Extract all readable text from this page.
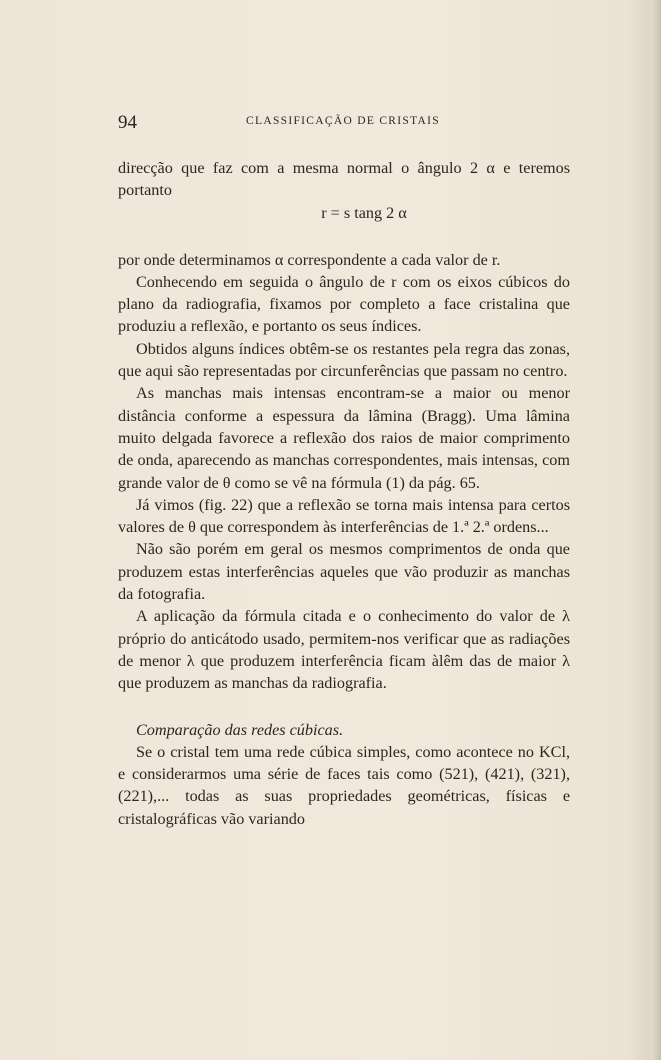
94	CLASSIFICAÇÃO DE CRISTAIS

direcção que faz com a mesma normal o ângulo 2 α e teremos portanto

r = s tang 2 α

por onde determinamos α correspondente a cada valor de r.

Conhecendo em seguida o ângulo de r com os eixos cúbicos do plano da radiografia, fixamos por completo a face cristalina que produziu a reflexão, e portanto os seus índices.

Obtidos alguns índices obtêm-se os restantes pela regra das zonas, que aqui são representadas por circunferências que passam no centro.

As manchas mais intensas encontram-se a maior ou menor distância conforme a espessura da lâmina (Bragg). Uma lâmina muito delgada favorece a reflexão dos raios de maior comprimento de onda, aparecendo as manchas correspondentes, mais intensas, com grande valor de θ como se vê na fórmula (1) da pág. 65.

Já vimos (fig. 22) que a reflexão se torna mais intensa para certos valores de θ que correspondem às interferências de 1.ª 2.ª ordens...

Não são porém em geral os mesmos comprimentos de onda que produzem estas interferências aqueles que vão produzir as manchas da fotografia.

A aplicação da fórmula citada e o conhecimento do valor de λ próprio do anticátodo usado, permitem-nos verificar que as radiações de menor λ que produzem interferência ficam àlêm das de maior λ que produzem as manchas da radiografia.

Comparação das redes cúbicas.

Se o cristal tem uma rede cúbica simples, como acontece no KCl, e considerarmos uma série de faces tais como (521), (421), (321), (221),... todas as suas propriedades geométricas, físicas e cristalográficas vão variando
